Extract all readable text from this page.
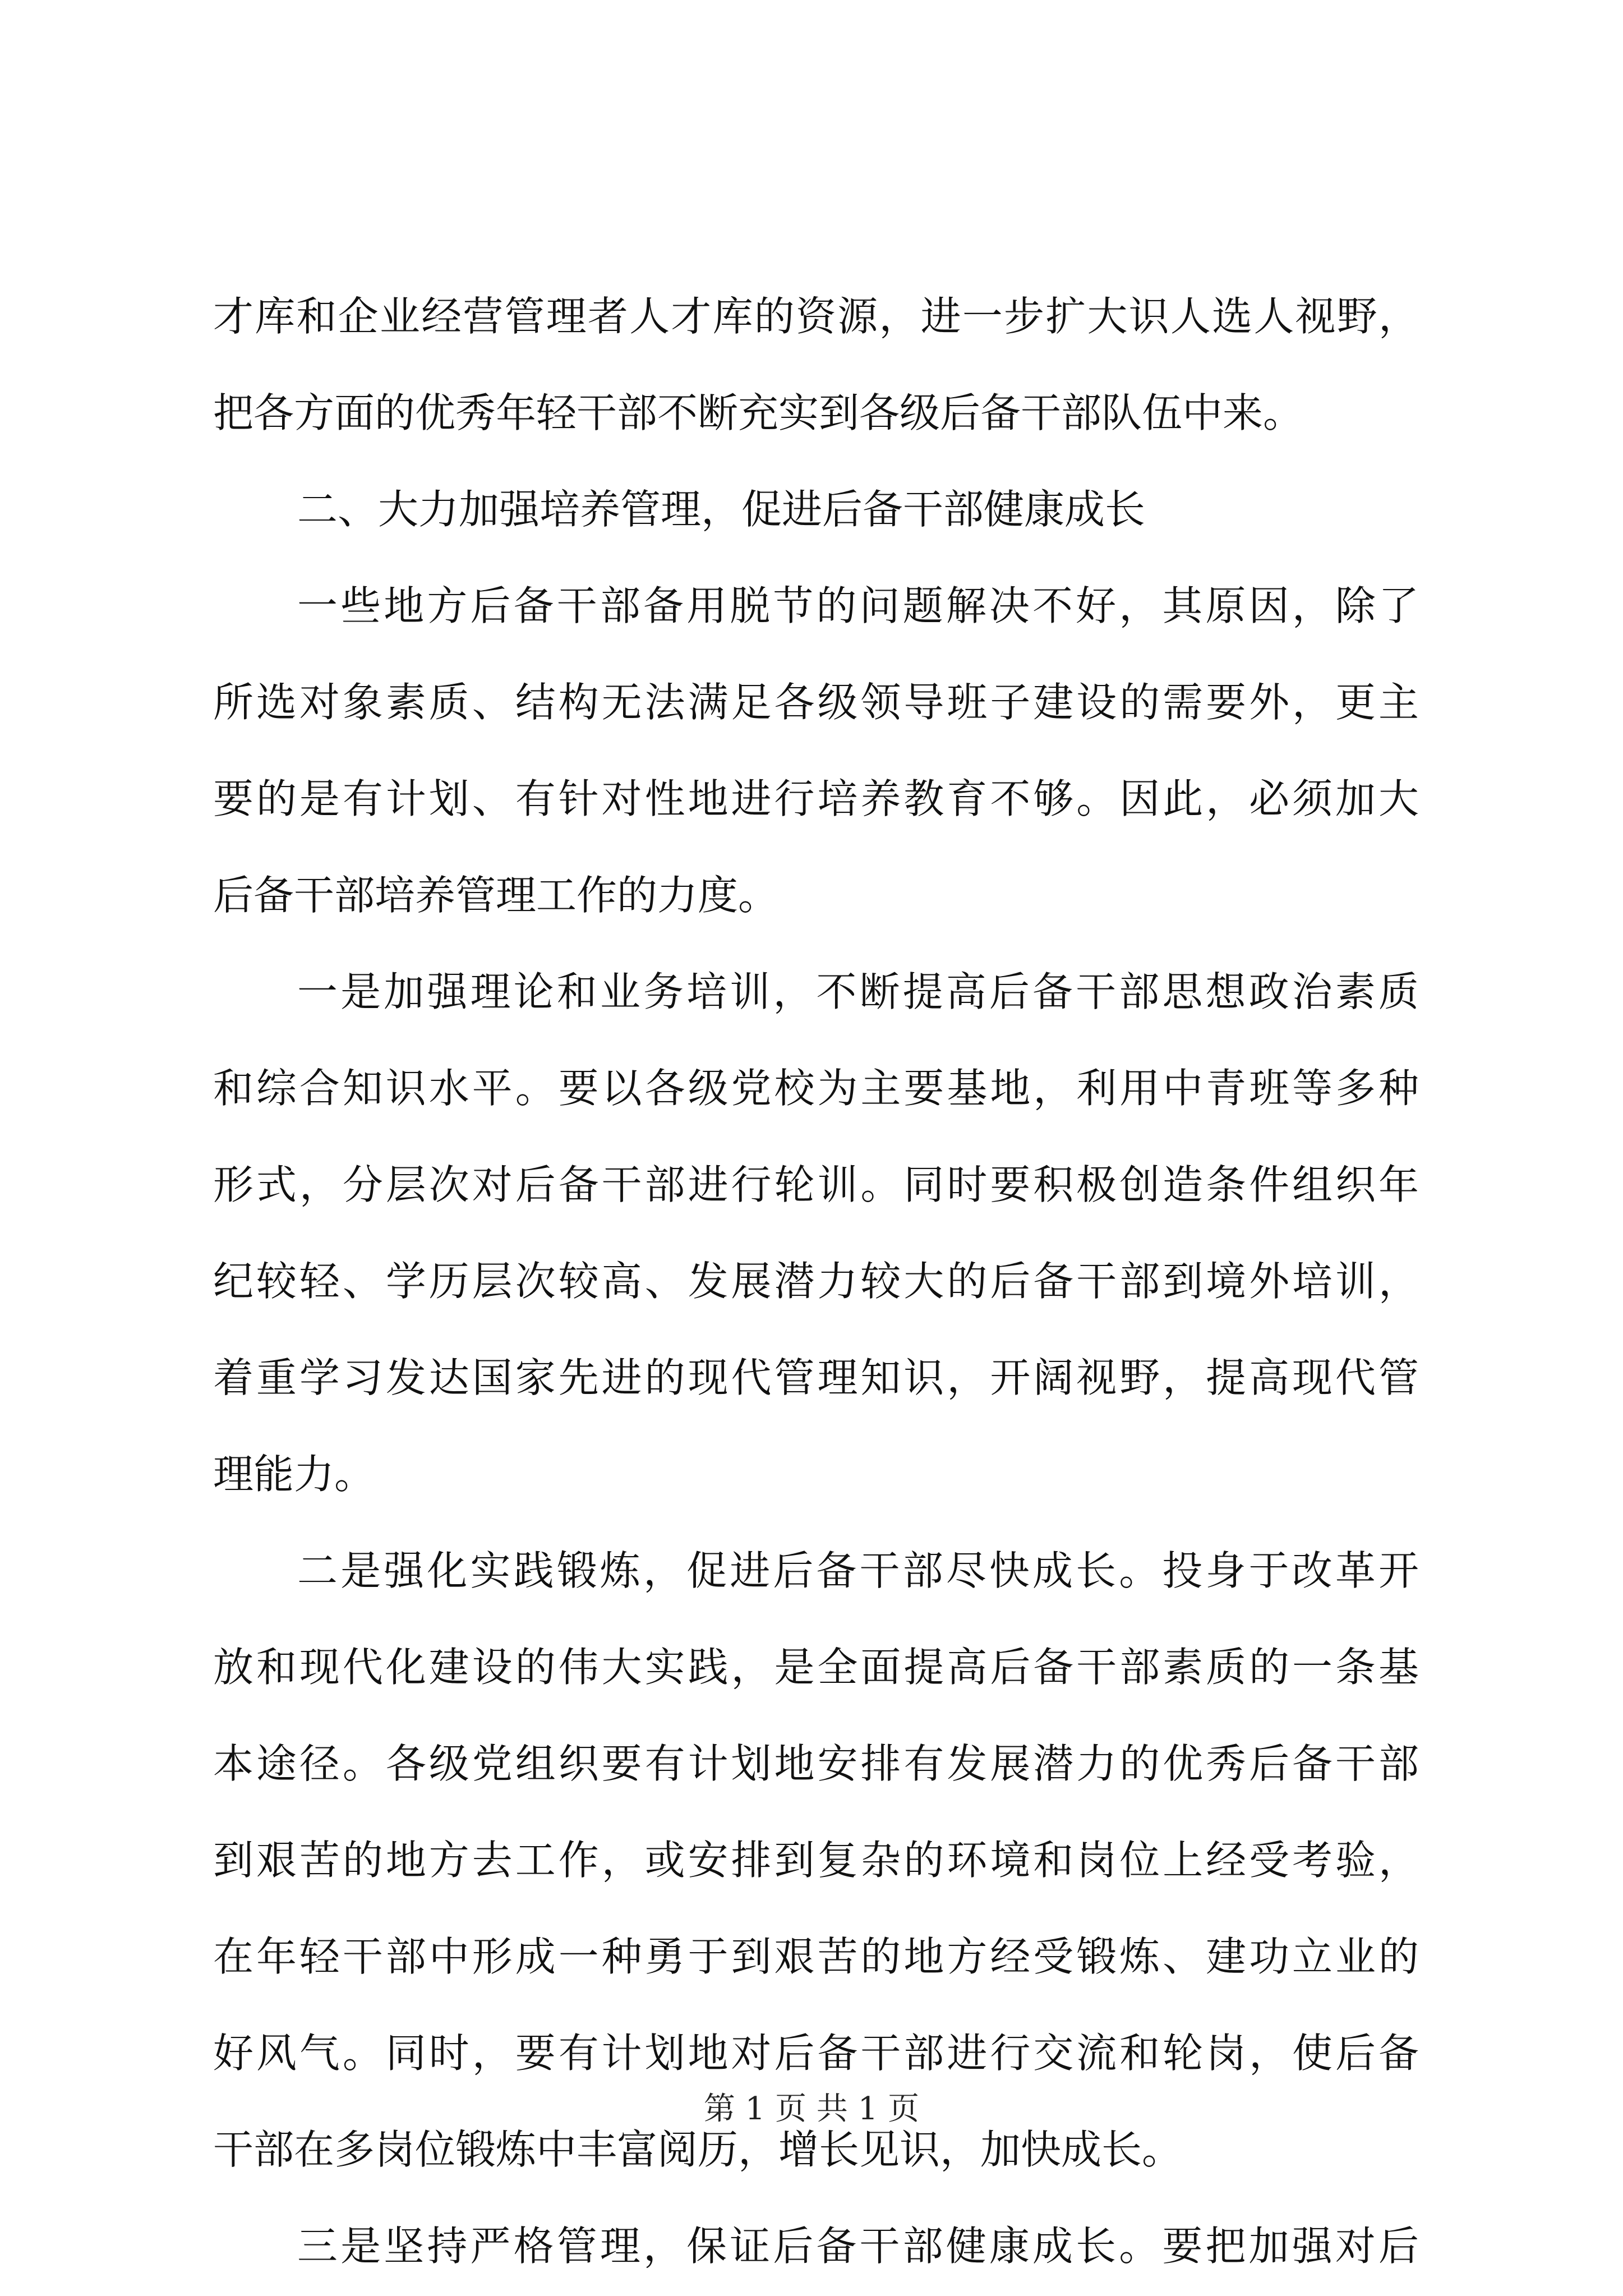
才库和企业经营管理者人才库的资源，进一步扩大识人选人视野，
把各方面的优秀年轻干部不断充实到各级后备干部队伍中来。
二、大力加强培养管理，促进后备干部健康成长
一些地方后备干部备用脱节的问题解决不好，其原因，除了
所选对象素质、结构无法满足各级领导班子建设的需要外，更主
要的是有计划、有针对性地进行培养教育不够。因此，必须加大
后备干部培养管理工作的力度。
一是加强理论和业务培训，不断提高后备干部思想政治素质
和综合知识水平。要以各级党校为主要基地，利用中青班等多种
形式，分层次对后备干部进行轮训。同时要积极创造条件组织年
纪较轻、学历层次较高、发展潜力较大的后备干部到境外培训，
着重学习发达国家先进的现代管理知识，开阔视野，提高现代管
理能力。
二是强化实践锻炼，促进后备干部尽快成长。投身于改革开
放和现代化建设的伟大实践，是全面提高后备干部素质的一条基
本途径。各级党组织要有计划地安排有发展潜力的优秀后备干部
到艰苦的地方去工作，或安排到复杂的环境和岗位上经受考验，
在年轻干部中形成一种勇于到艰苦的地方经受锻炼、建功立业的
好风气。同时，要有计划地对后备干部进行交流和轮岗，使后备
干部在多岗位锻炼中丰富阅历，增长见识，加快成长。
三是坚持严格管理，保证后备干部健康成长。要把加强对后
第 1 页 共 1 页
